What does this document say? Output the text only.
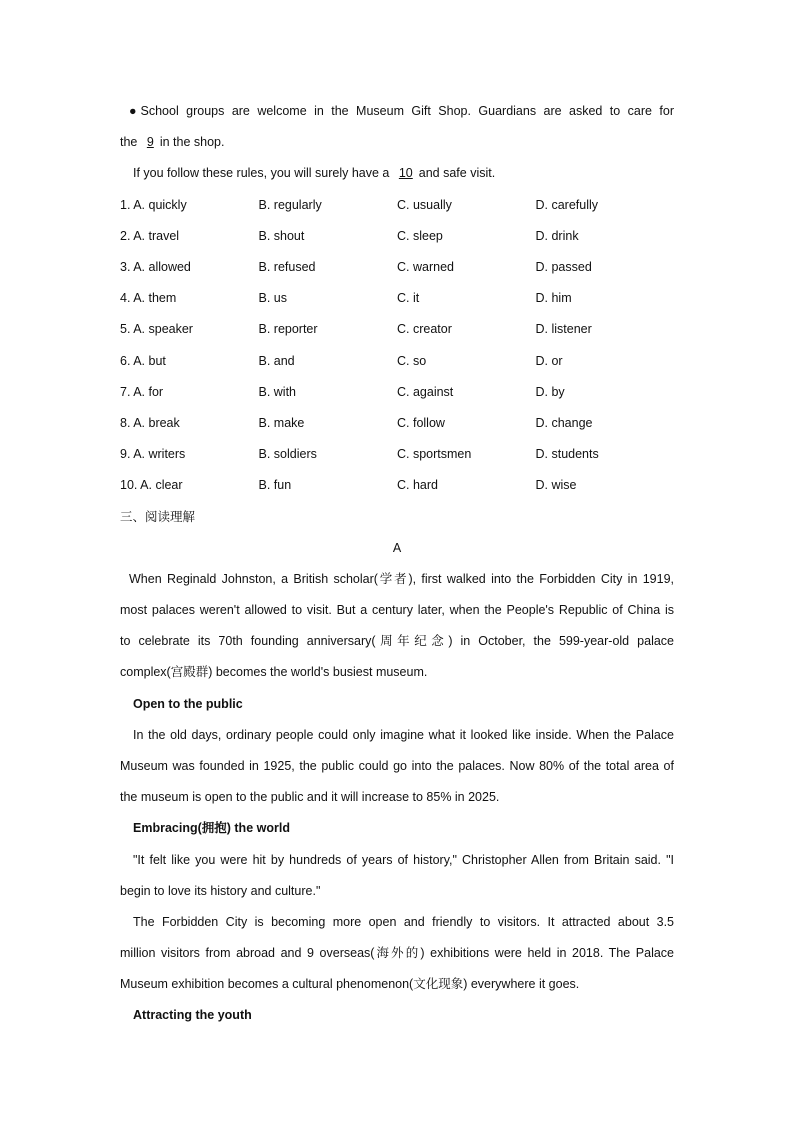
●School groups are welcome in the Museum Gift Shop. Guardians are asked to care for
the 9 in the shop.
If you follow these rules, you will surely have a 10 and safe visit.
1. A. quickly	B. regularly	C. usually	D. carefully
2. A. travel	B. shout	C. sleep	D. drink
3. A. allowed	B. refused	C. warned	D. passed
4. A. them	B. us	C. it	D. him
5. A. speaker	B. reporter	C. creator	D. listener
6. A. but	B. and	C. so	D. or
7. A. for	B. with	C. against	D. by
8. A. break	B. make	C. follow	D. change
9. A. writers	B. soldiers	C. sportsmen	D. students
10. A. clear	B. fun	C. hard	D. wise
三、阅读理解
A
When Reginald Johnston, a British scholar(学者), first walked into the Forbidden City in 1919,
most palaces weren't allowed to visit. But a century later, when the People's Republic of China is
to celebrate its 70th founding anniversary(周年纪念) in October, the 599-year-old palace
complex(宫殿群) becomes the world's busiest museum.
Open to the public
In the old days, ordinary people could only imagine what it looked like inside. When the Palace
Museum was founded in 1925, the public could go into the palaces. Now 80% of the total area of
the museum is open to the public and it will increase to 85% in 2025.
Embracing(拥抱) the world
"It felt like you were hit by hundreds of years of history," Christopher Allen from Britain said. "I
begin to love its history and culture."
The Forbidden City is becoming more open and friendly to visitors. It attracted about 3.5
million visitors from abroad and 9 overseas(海外的) exhibitions were held in 2018. The Palace
Museum exhibition becomes a cultural phenomenon(文化现象) everywhere it goes.
Attracting the youth
